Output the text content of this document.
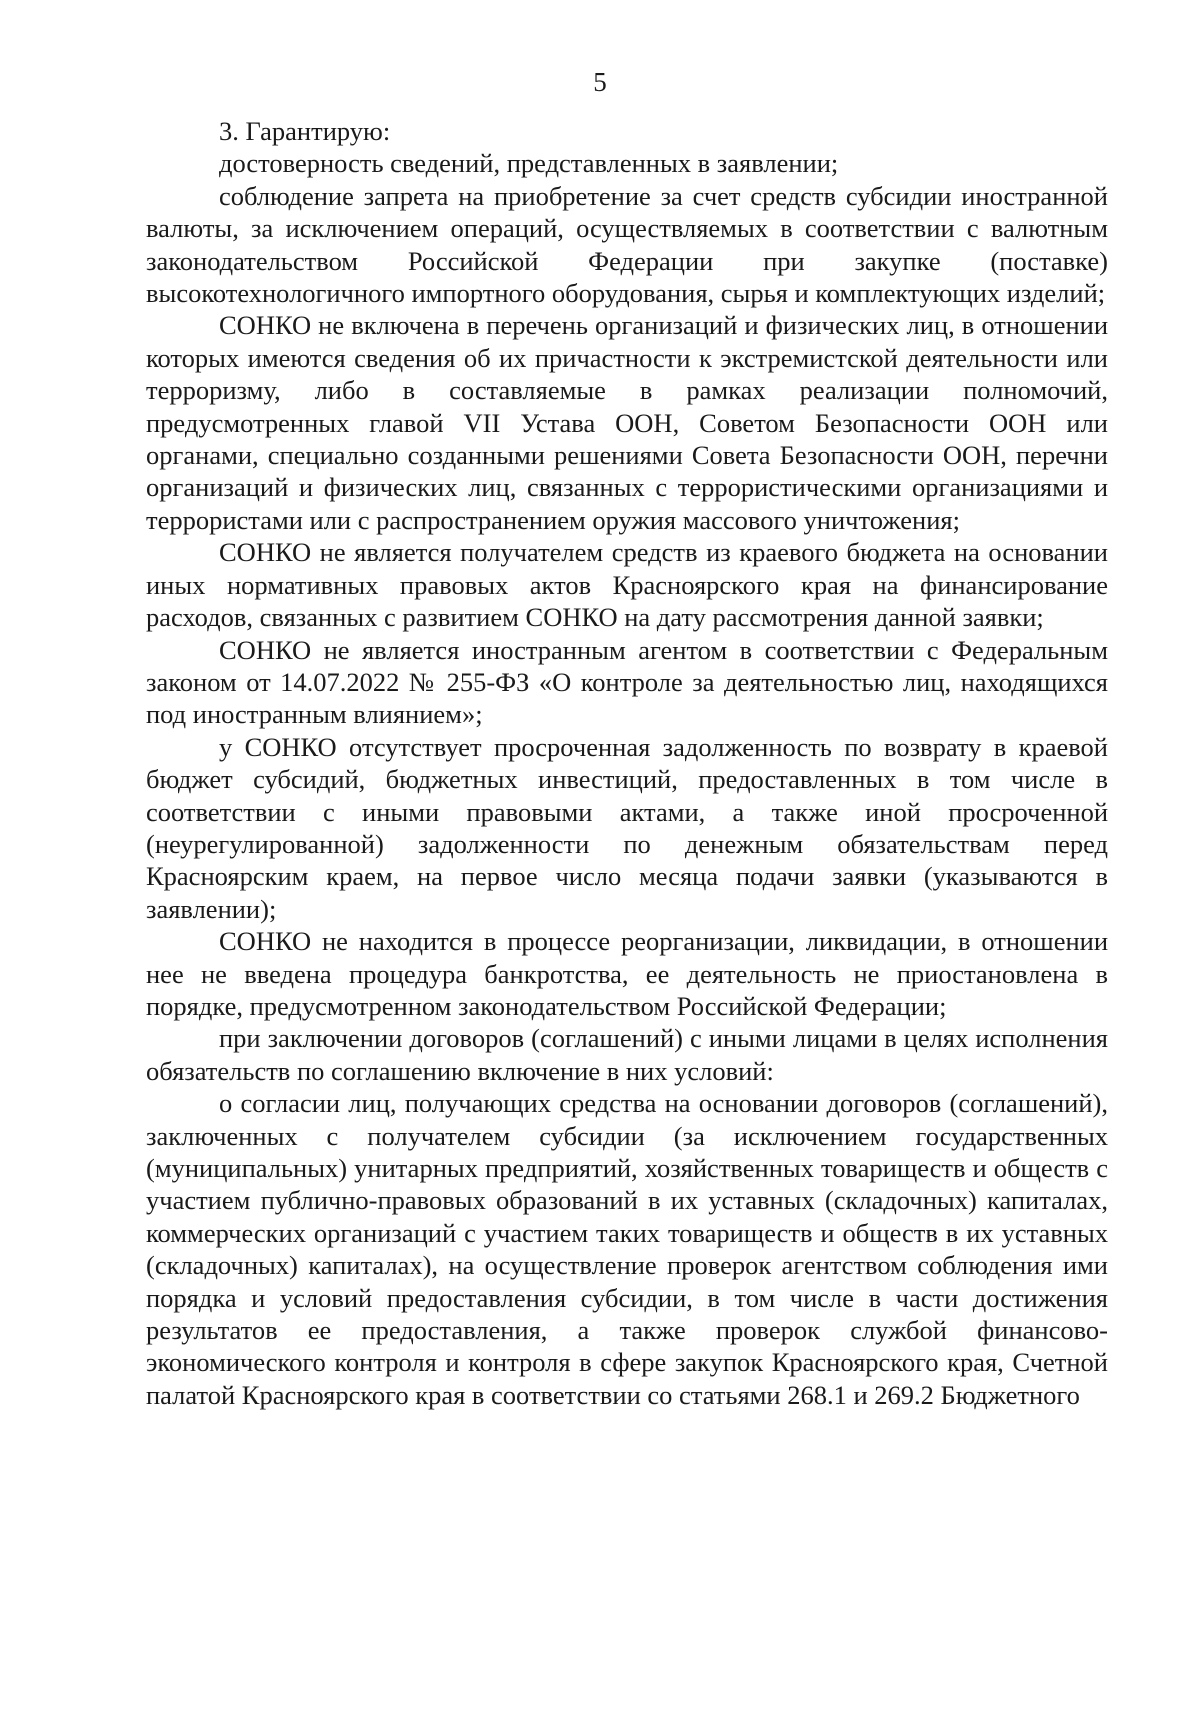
5

3. Гарантирую:

достоверность сведений, представленных в заявлении;

соблюдение запрета на приобретение за счет средств субсидии иностранной валюты, за исключением операций, осуществляемых в соответствии с валютным законодательством Российской Федерации при закупке (поставке) высокотехнологичного импортного оборудования, сырья и комплектующих изделий;

СОНКО не включена в перечень организаций и физических лиц, в отношении которых имеются сведения об их причастности к экстремистской деятельности или терроризму, либо в составляемые в рамках реализации полномочий, предусмотренных главой VII Устава ООН, Советом Безопасности ООН или органами, специально созданными решениями Совета Безопасности ООН, перечни организаций и физических лиц, связанных с террористическими организациями и террористами или с распространением оружия массового уничтожения;

СОНКО не является получателем средств из краевого бюджета на основании иных нормативных правовых актов Красноярского края на финансирование расходов, связанных с развитием СОНКО на дату рассмотрения данной заявки;

СОНКО не является иностранным агентом в соответствии с Федеральным законом от 14.07.2022 № 255-ФЗ «О контроле за деятельностью лиц, находящихся под иностранным влиянием»;

у СОНКО отсутствует просроченная задолженность по возврату в краевой бюджет субсидий, бюджетных инвестиций, предоставленных в том числе в соответствии с иными правовыми актами, а также иной просроченной (неурегулированной) задолженности по денежным обязательствам перед Красноярским краем, на первое число месяца подачи заявки (указываются в заявлении);

СОНКО не находится в процессе реорганизации, ликвидации, в отношении нее не введена процедура банкротства, ее деятельность не приостановлена в порядке, предусмотренном законодательством Российской Федерации;

при заключении договоров (соглашений) с иными лицами в целях исполнения обязательств по соглашению включение в них условий:

о согласии лиц, получающих средства на основании договоров (соглашений), заключенных с получателем субсидии (за исключением государственных (муниципальных) унитарных предприятий, хозяйственных товариществ и обществ с участием публично-правовых образований в их уставных (складочных) капиталах, коммерческих организаций с участием таких товариществ и обществ в их уставных (складочных) капиталах), на осуществление проверок агентством соблюдения ими порядка и условий предоставления субсидии, в том числе в части достижения результатов ее предоставления, а также проверок службой финансово-экономического контроля и контроля в сфере закупок Красноярского края, Счетной палатой Красноярского края в соответствии со статьями 268.1 и 269.2 Бюджетного
